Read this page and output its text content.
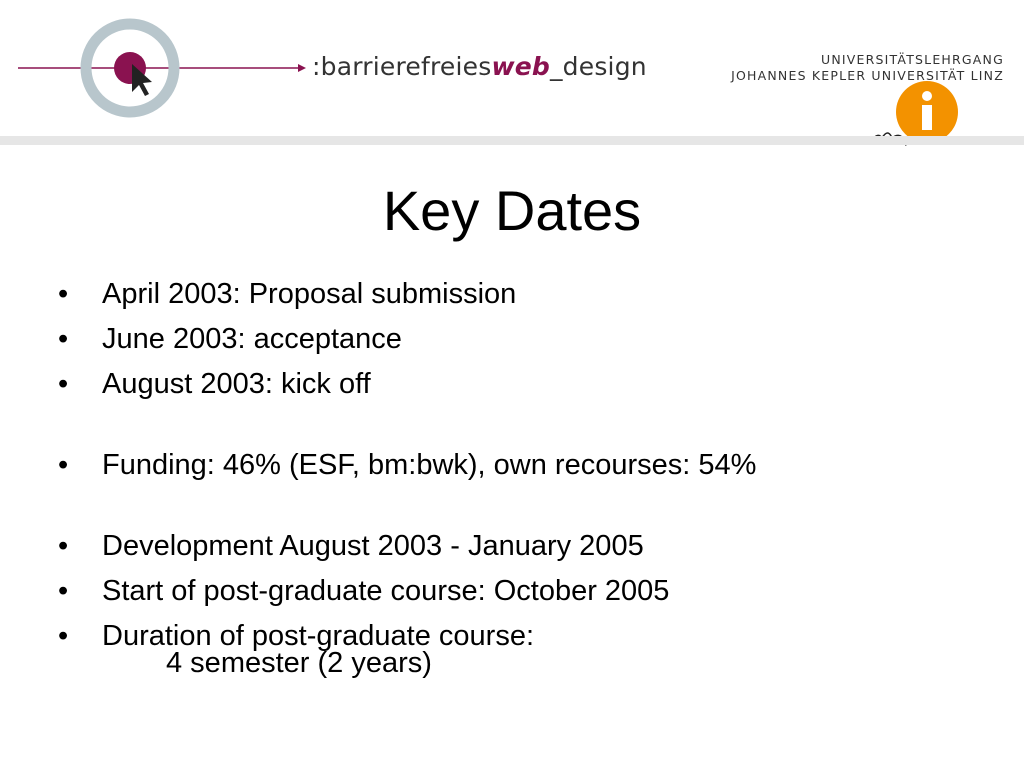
:barrierefreiesweb_design	UNIVERSITÄTSLEHRGANG
JOHANNES KEPLER UNIVERSITÄT LINZ
Key Dates
• April 2003: Proposal submission
• June 2003: acceptance
• August 2003: kick off
• Funding: 46% (ESF, bm:bwk), own recourses: 54%
• Development August 2003 - January 2005
• Start of post-graduate course: October 2005
• Duration of post-graduate course:
4 semester (2 years)
